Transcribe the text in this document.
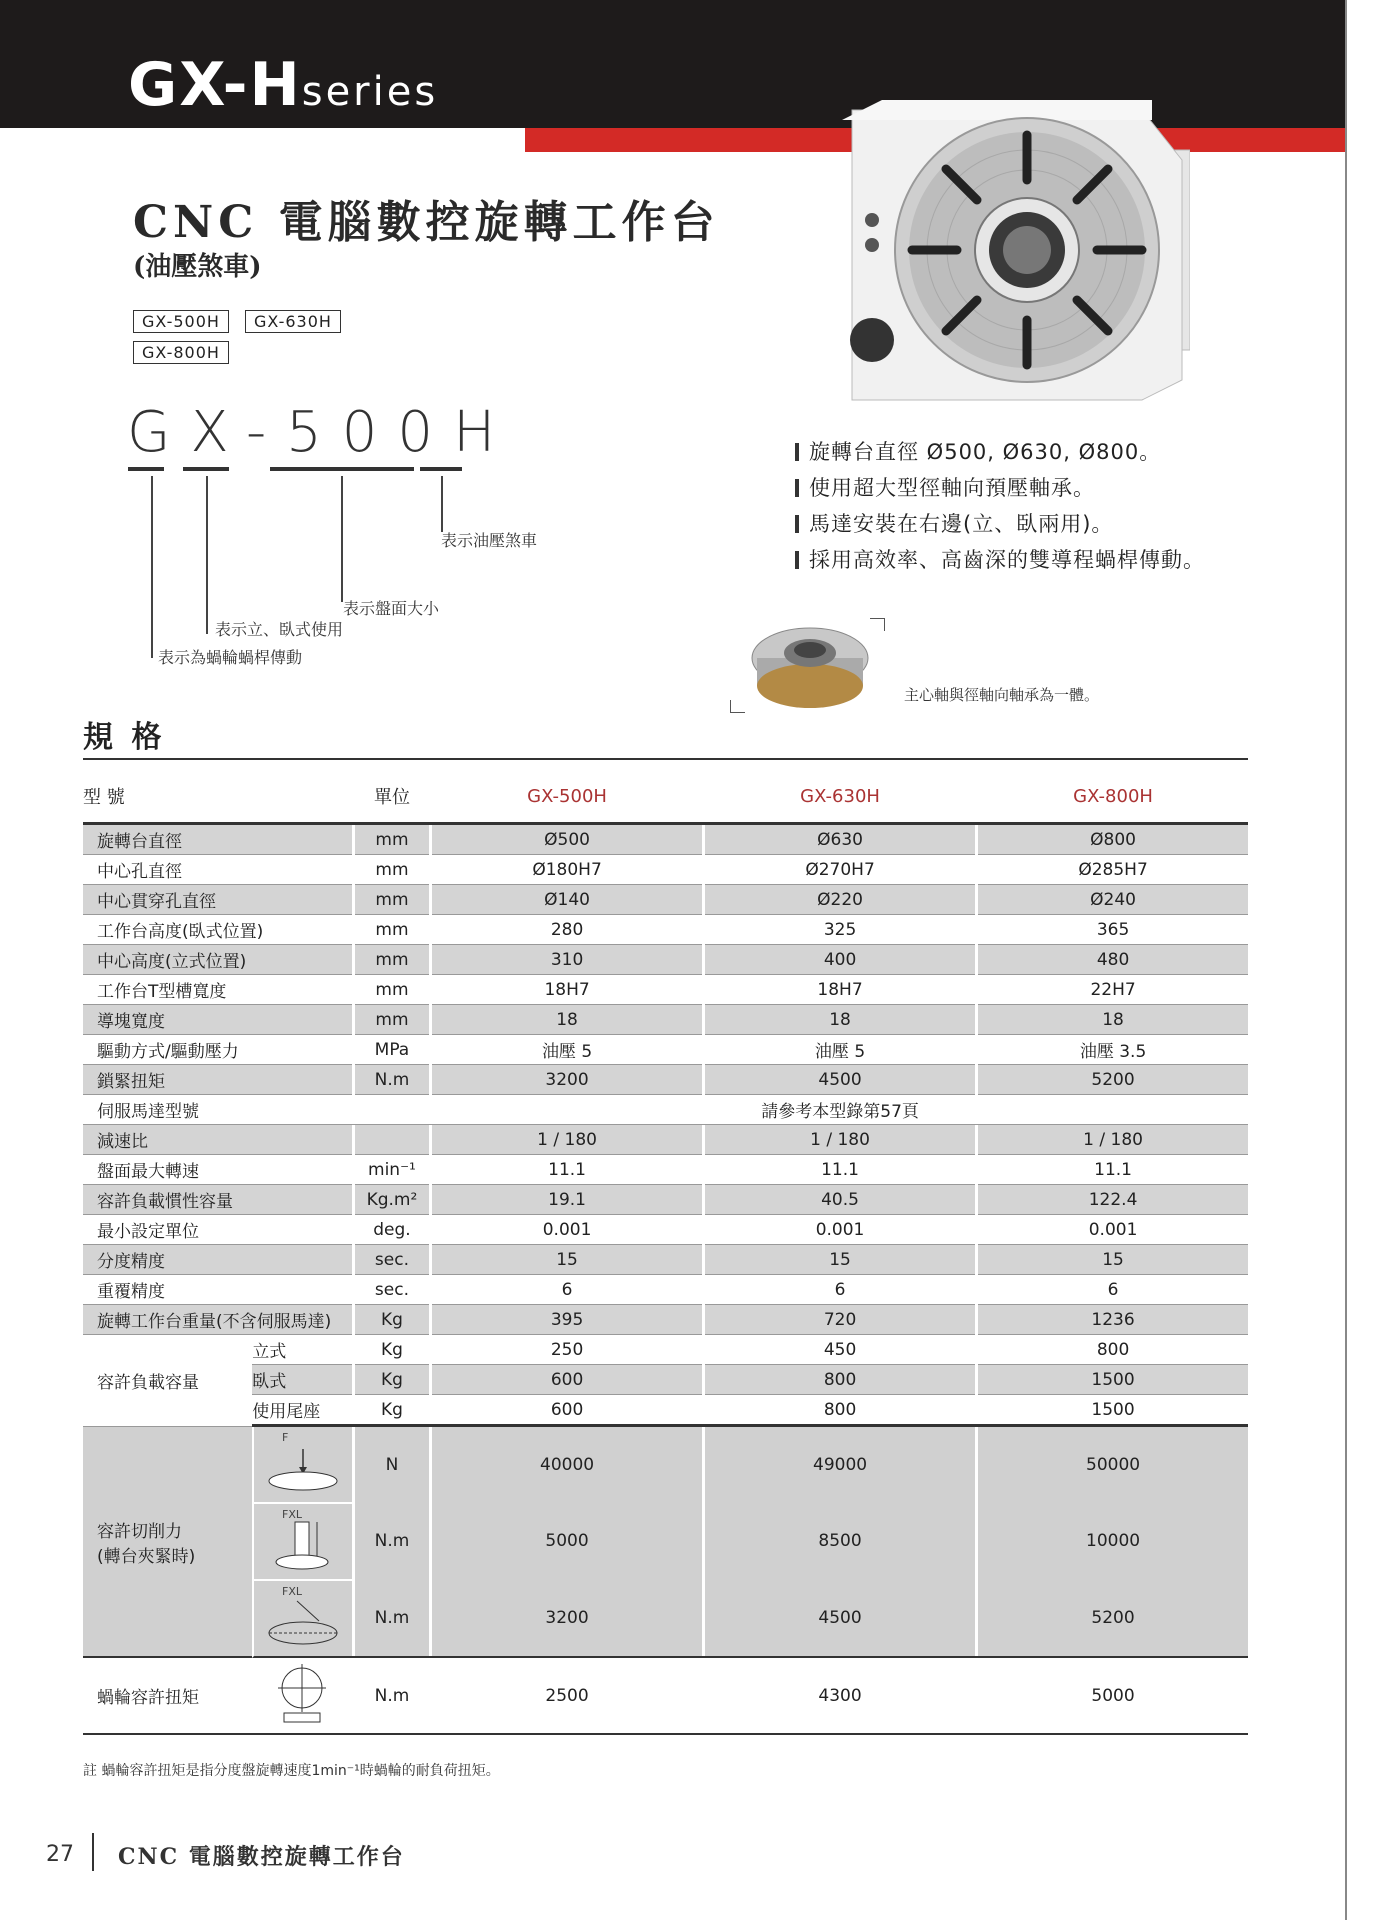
GX-Hseries
CNC 電腦數控旋轉工作台
(油壓煞車)
GX-500H	GX-630H
GX-800H
GX-500H
表示油壓煞車
表示盤面大小
表示立、臥式使用
表示為蝸輪蝸桿傳動
旋轉台直徑 Ø500, Ø630, Ø800。
使用超大型徑軸向預壓軸承。
馬達安裝在右邊(立、臥兩用)。
採用高效率、高齒深的雙導程蝸桿傳動。
主心軸與徑軸向軸承為一體。
規 格
型 號		單位			GX-500H		GX-630H		GX-800H
旋轉台直徑			mm		Ø500		Ø630		Ø800
中心孔直徑			mm		Ø180H7		Ø270H7		Ø285H7
中心貫穿孔直徑			mm		Ø140		Ø220		Ø240
工作台高度(臥式位置)			mm		280		325		365
中心高度(立式位置)			mm		310		400		480
工作台T型槽寬度			mm		18H7		18H7		22H7
導塊寬度			mm		18		18		18
驅動方式/驅動壓力			MPa		油壓 5		油壓 5		油壓 3.5
鎖緊扭矩			N.m		3200		4500		5200
伺服馬達型號					請參考本型錄第57頁				
減速比					1 / 180		1 / 180		1 / 180
盤面最大轉速			min⁻¹		11.1		11.1		11.1
容許負載慣性容量			Kg.m²		19.1		40.5		122.4
最小設定單位			deg.		0.001		0.001		0.001
分度精度			sec.		15		15		15
重覆精度			sec.		6		6		6
旋轉工作台重量(不含伺服馬達)			Kg		395		720		1236
容許負載容量	立式		Kg		250		450		800
	臥式		Kg		600		800		1500
	使用尾座		Kg		600		800		1500

容許切削力
(轉台夾緊時)	F		N		40000		49000		50000

FXL		N.m		5000		8500		10000

FXL		N.m		3200		4500		5200
蝸輪容許扭矩			N.m		2500		4300		5000
註 蝸輪容許扭矩是指分度盤旋轉速度1min⁻¹時蝸輪的耐負荷扭矩。
27 CNC 電腦數控旋轉工作台
